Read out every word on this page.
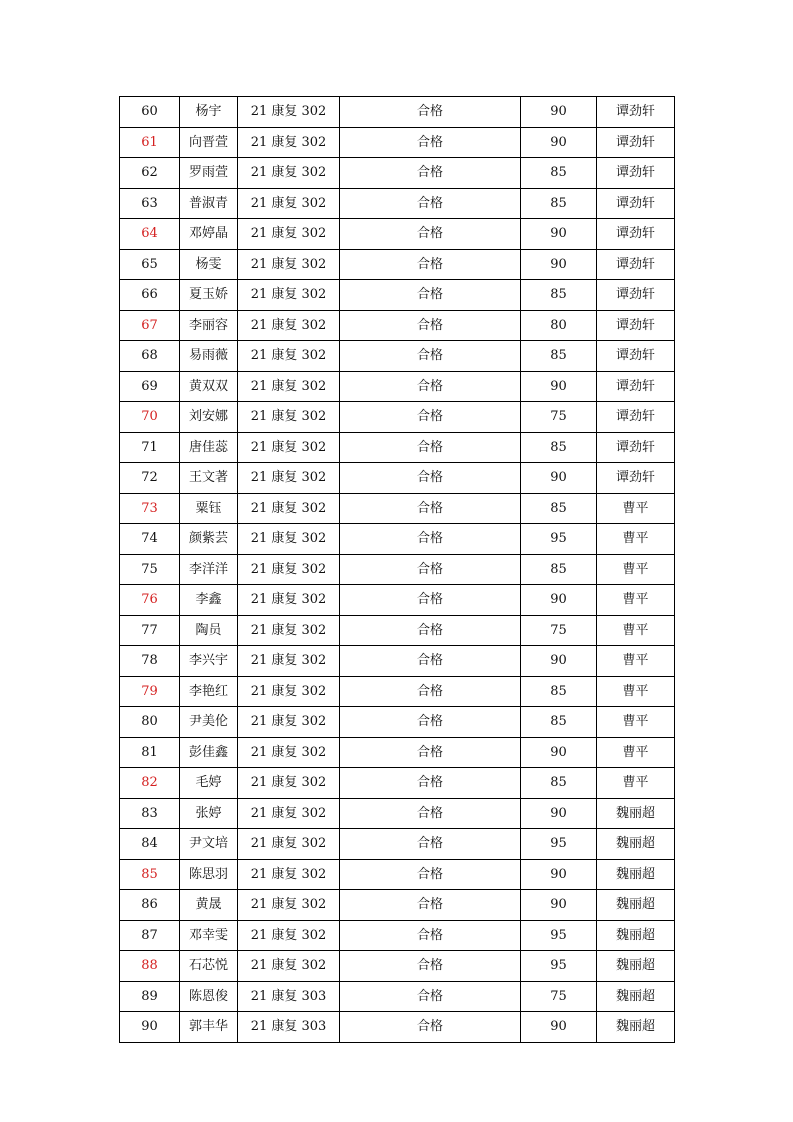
60	杨宇	21 康复 302	合格	90	谭劲轩
61	向晋萱	21 康复 302	合格	90	谭劲轩
62	罗雨萱	21 康复 302	合格	85	谭劲轩
63	普淑青	21 康复 302	合格	85	谭劲轩
64	邓婷晶	21 康复 302	合格	90	谭劲轩
65	杨雯	21 康复 302	合格	90	谭劲轩
66	夏玉娇	21 康复 302	合格	85	谭劲轩
67	李丽容	21 康复 302	合格	80	谭劲轩
68	易雨薇	21 康复 302	合格	85	谭劲轩
69	黄双双	21 康复 302	合格	90	谭劲轩
70	刘安娜	21 康复 302	合格	75	谭劲轩
71	唐佳蕊	21 康复 302	合格	85	谭劲轩
72	王文著	21 康复 302	合格	90	谭劲轩
73	粟钰	21 康复 302	合格	85	曹平
74	颜紫芸	21 康复 302	合格	95	曹平
75	李洋洋	21 康复 302	合格	85	曹平
76	李鑫	21 康复 302	合格	90	曹平
77	陶员	21 康复 302	合格	75	曹平
78	李兴宇	21 康复 302	合格	90	曹平
79	李艳红	21 康复 302	合格	85	曹平
80	尹美伦	21 康复 302	合格	85	曹平
81	彭佳鑫	21 康复 302	合格	90	曹平
82	毛婷	21 康复 302	合格	85	曹平
83	张婷	21 康复 302	合格	90	魏丽超
84	尹文培	21 康复 302	合格	95	魏丽超
85	陈思羽	21 康复 302	合格	90	魏丽超
86	黄晟	21 康复 302	合格	90	魏丽超
87	邓幸雯	21 康复 302	合格	95	魏丽超
88	石芯悦	21 康复 302	合格	95	魏丽超
89	陈恩俊	21 康复 303	合格	75	魏丽超
90	郭丰华	21 康复 303	合格	90	魏丽超
